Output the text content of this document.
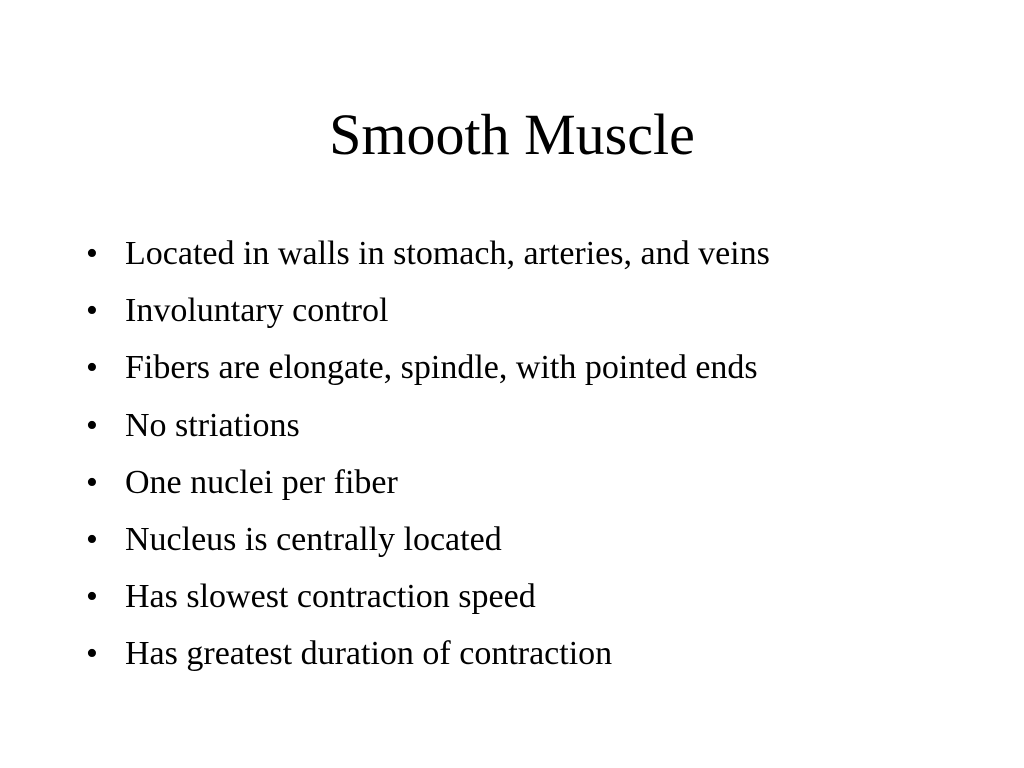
Smooth Muscle
• Located in walls in stomach, arteries, and veins
• Involuntary control
• Fibers are elongate, spindle, with pointed ends
• No striations
• One nuclei per fiber
• Nucleus is centrally located
• Has slowest contraction speed
• Has greatest duration of contraction
